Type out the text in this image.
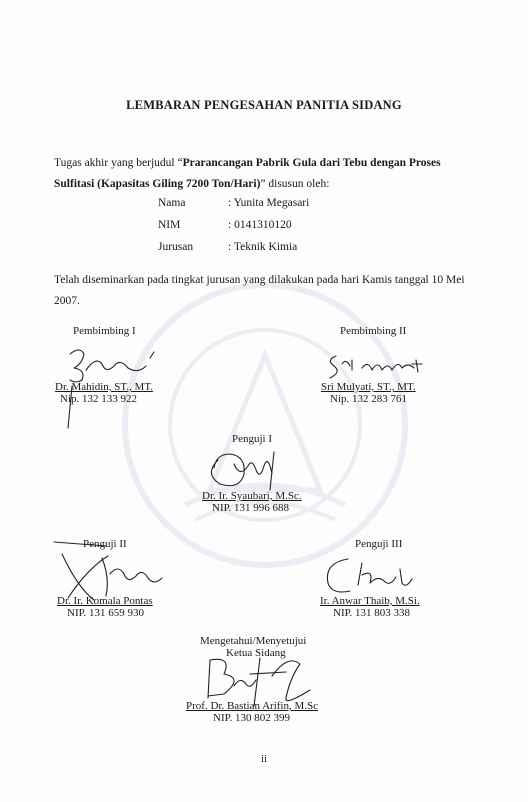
LEMBARAN PENGESAHAN PANITIA SIDANG
Tugas akhir yang berjudul “Prarancangan Pabrik Gula dari Tebu dengan Proses Sulfitasi (Kapasitas Giling 7200 Ton/Hari)” disusun oleh:
Nama	: Yunita Megasari
NIM	: 0141310120
Jurusan	: Teknik Kimia
Telah diseminarkan pada tingkat jurusan yang dilakukan pada hari Kamis tanggal 10 Mei 2007.
Pembimbing I
Dr. Mahidin, ST., MT.
Nip. 132 133 922
Pembimbing II
Sri Mulyati, ST., MT.
Nip. 132 283 761
Penguji I
Dr. Ir. Syaubari, M.Sc.
NIP. 131 996 688
Penguji II
Dr. Ir. Komala Pontas
NIP. 131 659 930
Penguji III
Ir. Anwar Thaib, M.Si.
NIP. 131 803 338
Mengetahui/Menyetujui
Ketua Sidang
Prof. Dr. Bastian Arifin, M.Sc
NIP. 130 802 399
ii
